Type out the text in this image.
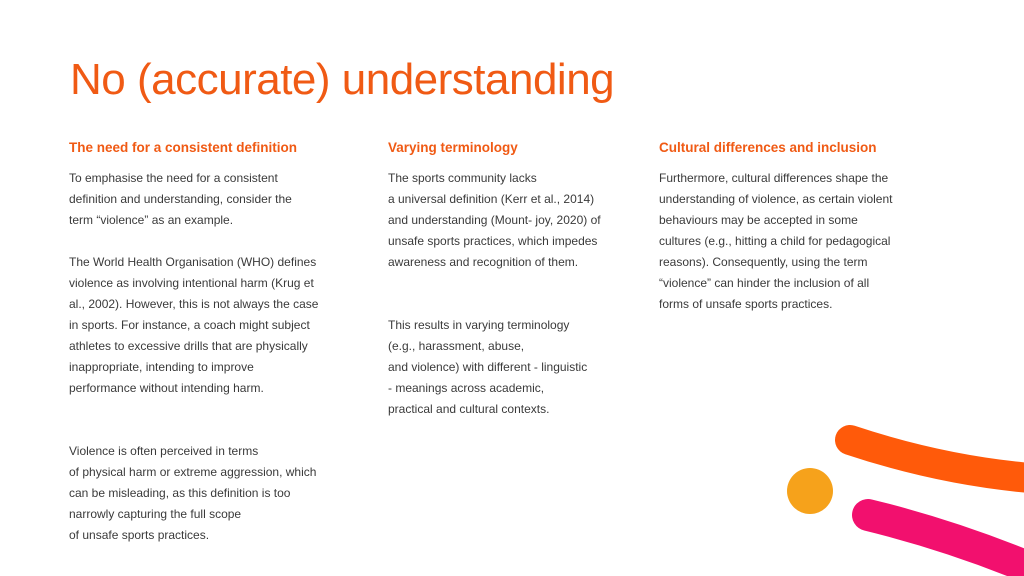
No (accurate) understanding
The need for a consistent definition
To emphasise the need for a consistent
definition and understanding, consider the
term “violence” as an example.
The World Health Organisation (WHO) defines
violence as involving intentional harm (Krug et
al., 2002). However, this is not always the case
in sports. For instance, a coach might subject
athletes to excessive drills that are physically
inappropriate, intending to improve
performance without intending harm.
Violence is often perceived in terms
of physical harm or extreme aggression, which
can be misleading, as this definition is too
narrowly capturing the full scope
of unsafe sports practices.
Varying terminology
The sports community lacks
a universal definition (Kerr et al., 2014)
and understanding (Mount- joy, 2020) of
unsafe sports practices, which impedes
awareness and recognition of them.
This results in varying terminology
(e.g., harassment, abuse,
and violence) with different - linguistic
- meanings across academic,
practical and cultural contexts.
Cultural differences and inclusion
Furthermore, cultural differences shape the
understanding of violence, as certain violent
behaviours may be accepted in some
cultures (e.g., hitting a child for pedagogical
reasons). Consequently, using the term
“violence” can hinder the inclusion of all
forms of unsafe sports practices.
